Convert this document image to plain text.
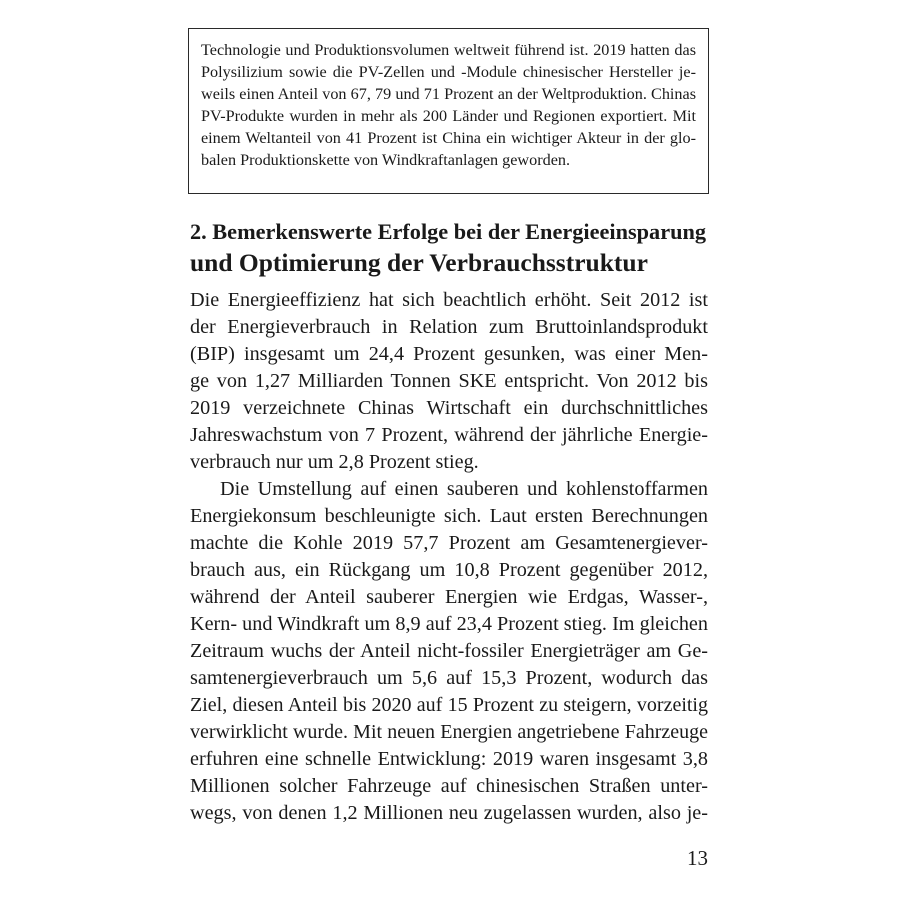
Technologie und Produktionsvolumen weltweit führend ist. 2019 hatten das
Polysilizium sowie die PV-Zellen und -Module chinesischer Hersteller je-
weils einen Anteil von 67, 79 und 71 Prozent an der Weltproduktion. Chinas
PV-Produkte wurden in mehr als 200 Länder und Regionen exportiert. Mit
einem Weltanteil von 41 Prozent ist China ein wichtiger Akteur in der glo-
balen Produktionskette von Windkraftanlagen geworden.
2. Bemerkenswerte Erfolge bei der Energieeinsparung
und Optimierung der Verbrauchsstruktur
Die Energieeffizienz hat sich beachtlich erhöht. Seit 2012 ist
der Energieverbrauch in Relation zum Bruttoinlandsprodukt
(BIP) insgesamt um 24,4 Prozent gesunken, was einer Men-
ge von 1,27 Milliarden Tonnen SKE entspricht. Von 2012 bis
2019 verzeichnete Chinas Wirtschaft ein durchschnittliches
Jahreswachstum von 7 Prozent, während der jährliche Energie-
verbrauch nur um 2,8 Prozent stieg.
Die Umstellung auf einen sauberen und kohlenstoffarmen
Energiekonsum beschleunigte sich. Laut ersten Berechnungen
machte die Kohle 2019 57,7 Prozent am Gesamtenergiever-
brauch aus, ein Rückgang um 10,8 Prozent gegenüber 2012,
während der Anteil sauberer Energien wie Erdgas, Wasser-,
Kern- und Windkraft um 8,9 auf 23,4 Prozent stieg. Im gleichen
Zeitraum wuchs der Anteil nicht-fossiler Energieträger am Ge-
samtenergieverbrauch um 5,6 auf 15,3 Prozent, wodurch das
Ziel, diesen Anteil bis 2020 auf 15 Prozent zu steigern, vorzeitig
verwirklicht wurde. Mit neuen Energien angetriebene Fahrzeuge
erfuhren eine schnelle Entwicklung: 2019 waren insgesamt 3,8
Millionen solcher Fahrzeuge auf chinesischen Straßen unter-
wegs, von denen 1,2 Millionen neu zugelassen wurden, also je-
13
